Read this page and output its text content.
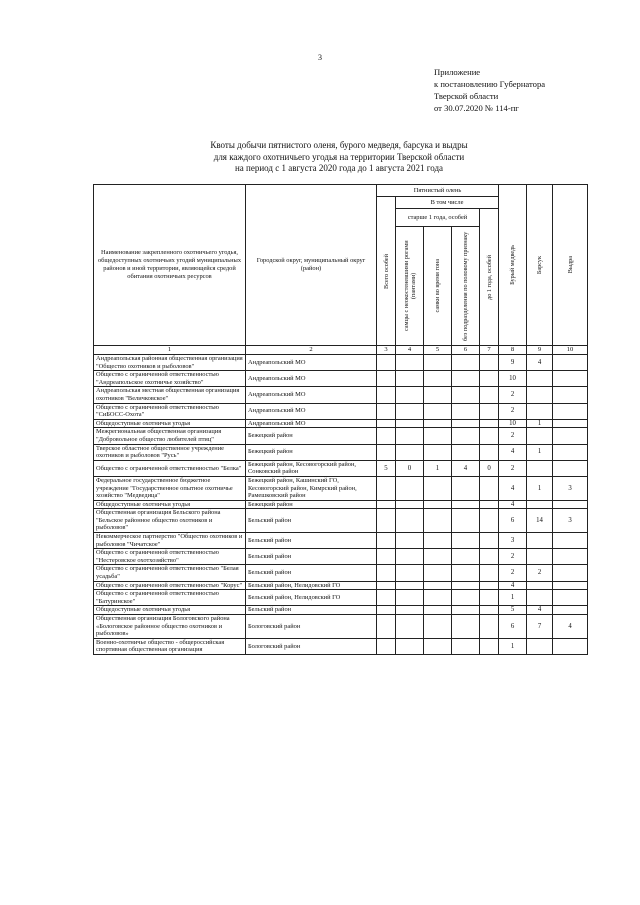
3
Приложение
к постановлению Губернатора
Тверской области
от 30.07.2020 № 114-пг
Квоты добычи пятнистого оленя, бурого медведя, барсука и выдры
для каждого охотничьего угодья на территории Тверской области
на период с 1 августа 2020 года до 1 августа 2021 года
Наименование закрепленного охотничьего угодья, общедоступных охотничьих угодий муниципальных районов и иной территории, являющейся средой обитания охотничьих ресурсов	Городской округ, муниципальный округ (район)	Пятнистый олень					Бурый медведь	Барсук	Выдра

		Всего особей	В том числе						
			старше 1 года, особей			до 1 года, особей			

			самцы с неокостеневшими рогами (пантами)	самки во время гона	без подразделения по половому признаку				

1	2	3	4	5	6	7	8	9	10
Андреапольская районная общественная организация "Общество охотников и рыболовов"	Андреапольский МО						9	4	
Общество с ограниченной ответственностью "Андреапольское охотничье хозяйство"	Андреапольский МО						10		
Андреапольская местная общественная организация охотников "Величковское"	Андреапольский МО						2		
Общество с ограниченной ответственностью "СиБОСС-Охота"	Андреапольский МО						2		
Общедоступные охотничьи угодья	Андреапольский МО						10	1	
Межрегиональная общественная организация "Добровольное общество любителей птиц"	Бежецкий район						2		
Тверское областное общественное учреждение охотников и рыболовов "Русь"	Бежецкий район						4	1	
Общество с ограниченной ответственностью "Белка"	Бежецкий район, Кесовогорский район, Сонковский район	5	0	1	4	0	2		
Федеральное государственное бюджетное учреждение "Государственное опытное охотничье хозяйство "Медведица"	Бежецкий район, Кашинский ГО, Кесовогорский район, Кимрский район, Рамешковский район						4	1	3
Общедоступные охотничьи угодья	Бежецкий район						4		
Общественная организация Бельского района "Бельское районное общество охотников и рыболовов"	Бельский район						6	14	3
Некоммерческое партнерство "Общество охотников и рыболовов "Чичатское"	Бельский район						3		
Общество с ограниченной ответственностью "Нестеровское охотхозяйство"	Бельский район						2		
Общество с ограниченной ответственностью "Белая усадьба"	Бельский район						2	2	
Общество с ограниченной ответственностью "Корус"	Бельский район, Нелидовский ГО						4		
Общество с ограниченной ответственностью "Батуринское"	Бельский район, Нелидовский ГО						1		
Общедоступные охотничьи угодья	Бельский район						5	4	
Общественная организация Бологовского района «Бологовское районное общество охотников и рыболовов»	Бологовский район						6	7	4
Военно-охотничье общество - общероссийская спортивная общественная организация	Бологовский район						1		
